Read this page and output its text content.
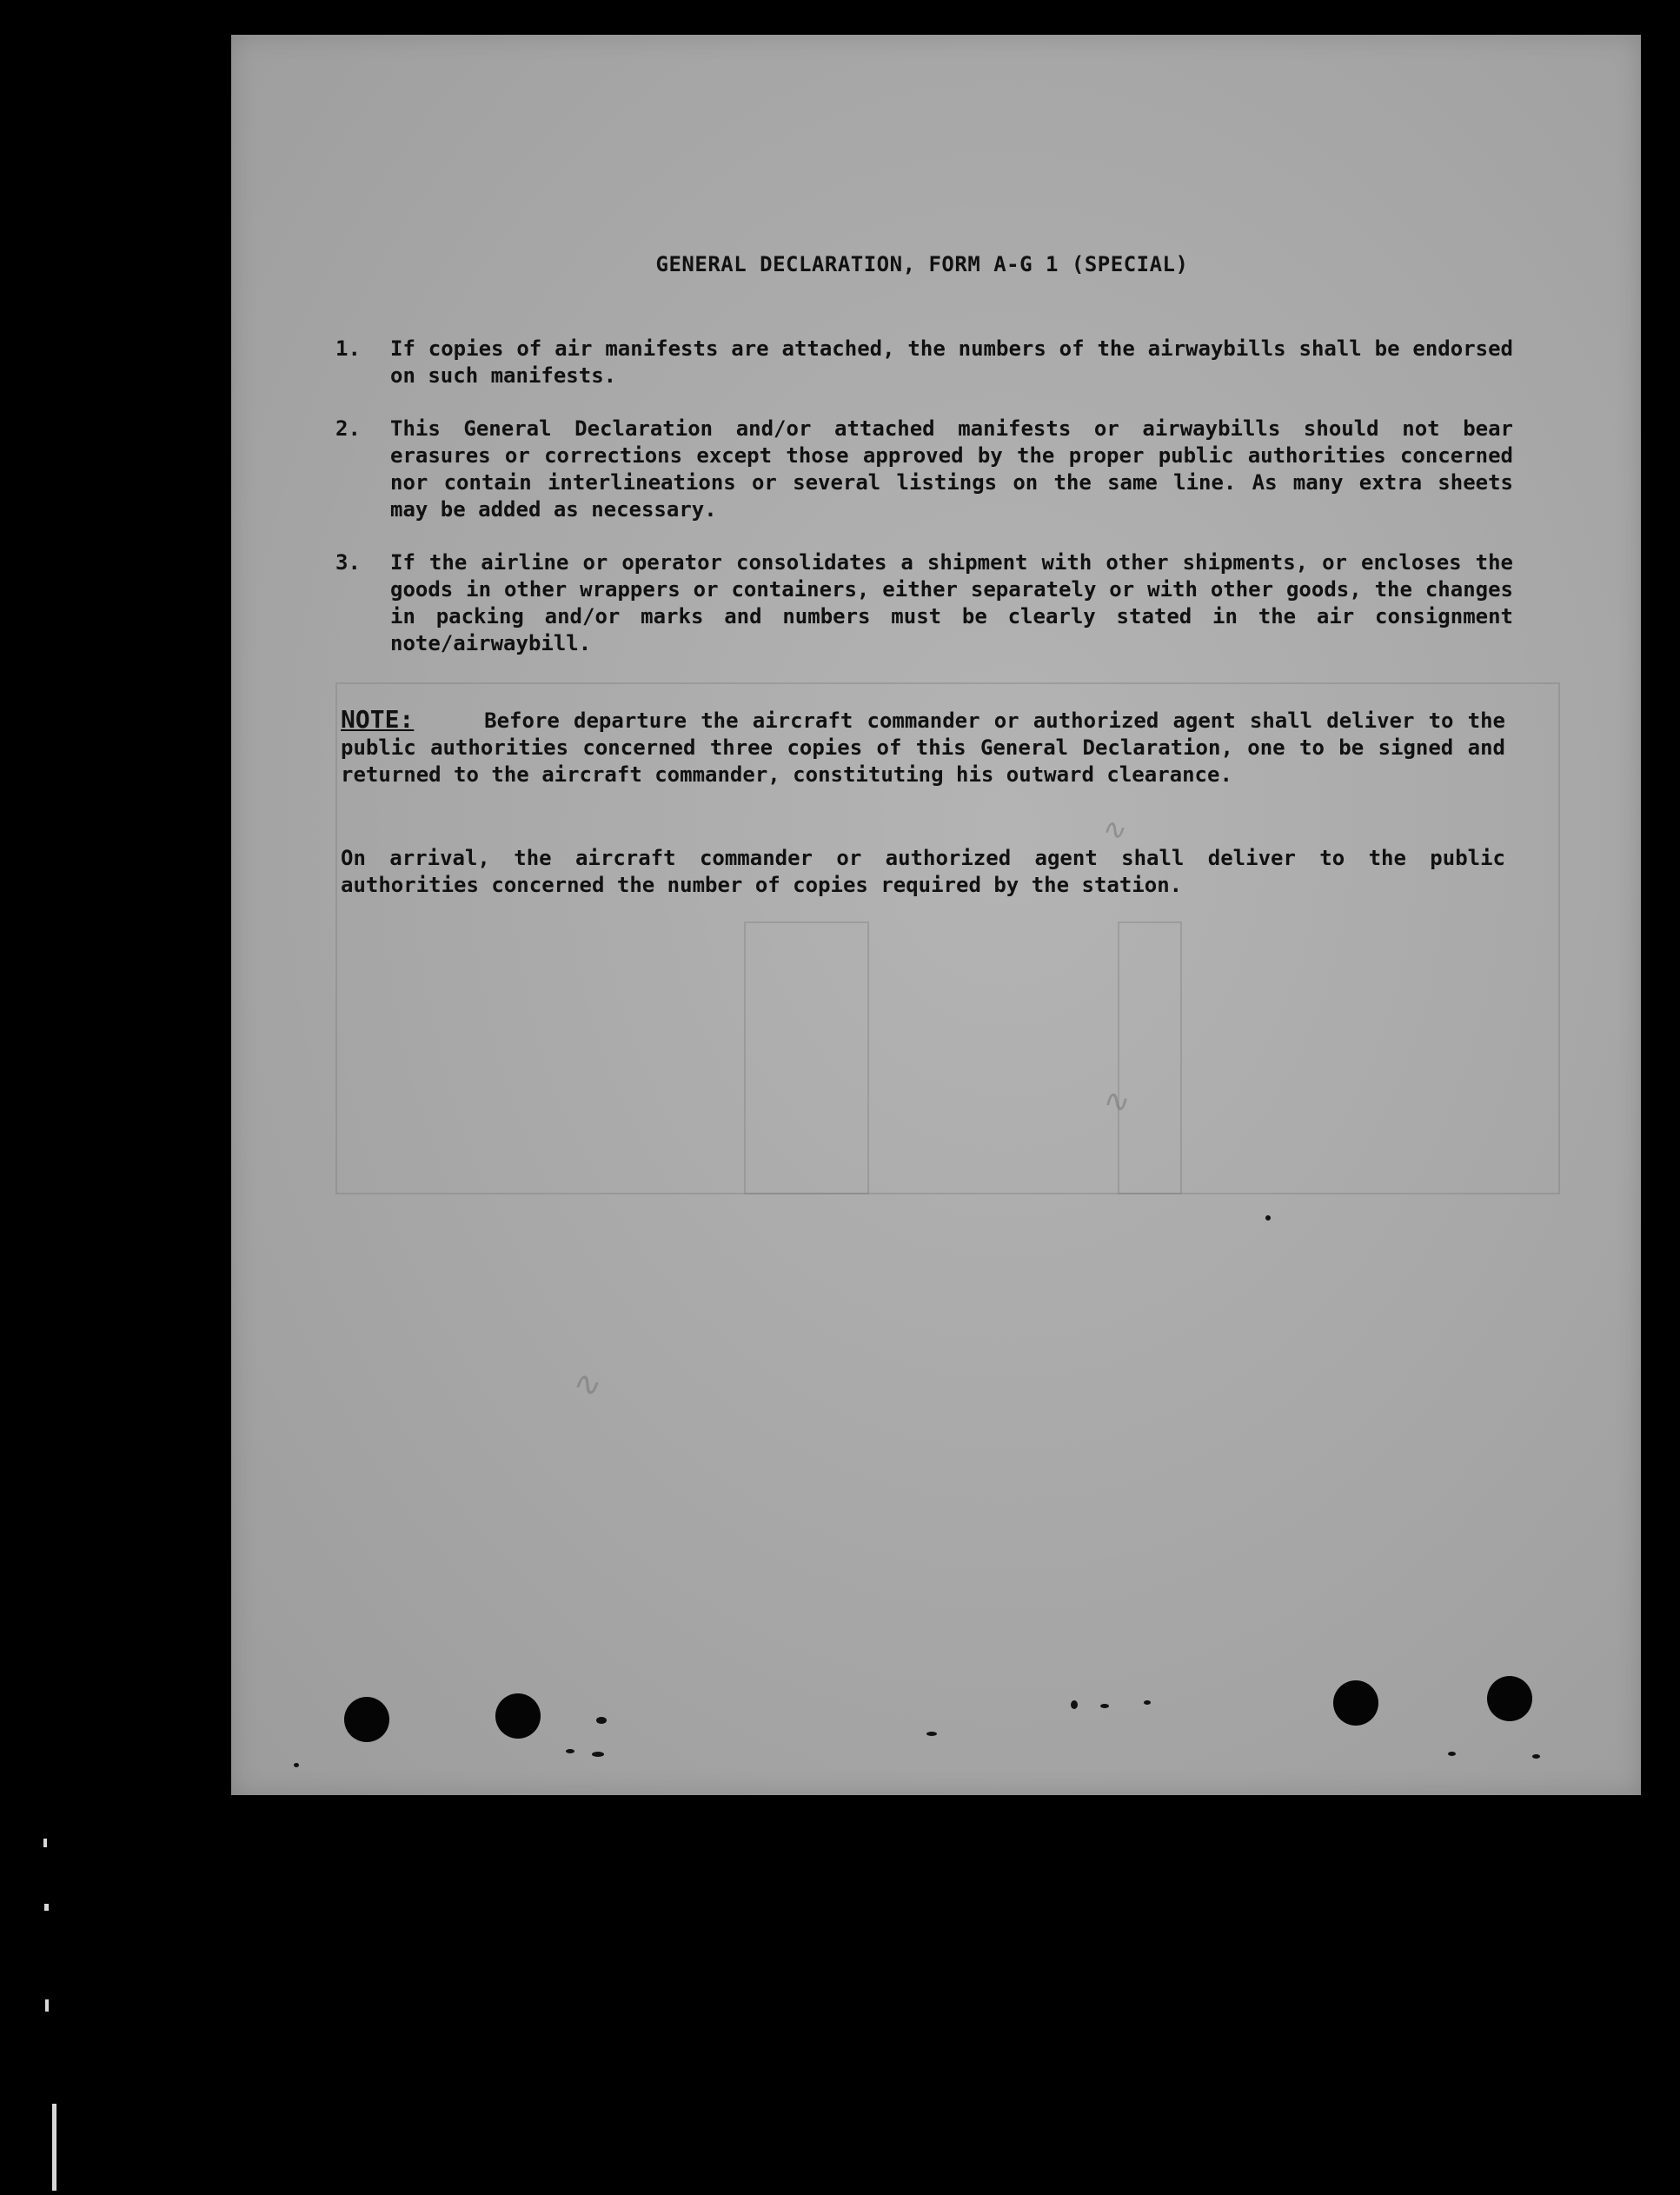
GENERAL DECLARATION, FORM A-G 1 (SPECIAL)
1.	If copies of air manifests are attached, the numbers of the airwaybills shall be endorsed on such manifests.
2.	This General Declaration and/or attached manifests or airwaybills should not bear erasures or corrections except those approved by the proper public authorities concerned nor contain interlineations or several listings on the same line. As many extra sheets may be added as necessary.
3.	If the airline or operator consolidates a shipment with other shipments, or encloses the goods in other wrappers or containers, either separately or with other goods, the changes in packing and/or marks and numbers must be clearly stated in the air consignment note/airwaybill.
NOTE:	Before departure the aircraft commander or authorized agent shall deliver to the public authorities concerned three copies of this General Declaration, one to be signed and returned to the aircraft commander, constituting his outward clearance.
On arrival, the aircraft commander or authorized agent shall deliver to the public authorities concerned the number of copies required by the station.
∿
∿
∿
